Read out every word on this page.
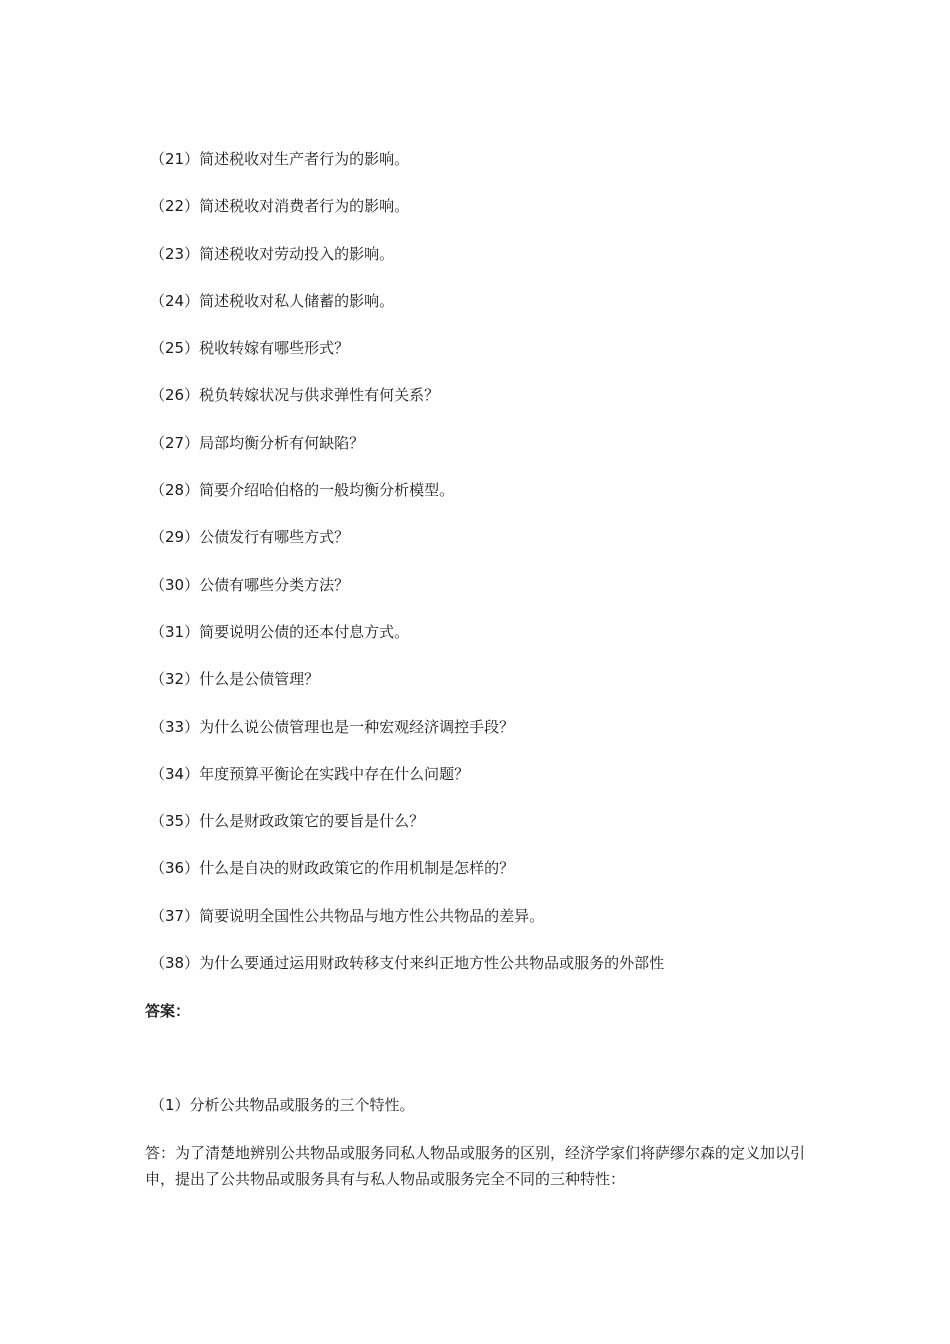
（21）简述税收对生产者行为的影响。
（22）简述税收对消费者行为的影响。
（23）简述税收对劳动投入的影响。
（24）简述税收对私人储蓄的影响。
（25）税收转嫁有哪些形式？
（26）税负转嫁状况与供求弹性有何关系？
（27）局部均衡分析有何缺陷？
（28）简要介绍哈伯格的一般均衡分析模型。
（29）公债发行有哪些方式？
（30）公债有哪些分类方法？
（31）简要说明公债的还本付息方式。
（32）什么是公债管理？
（33）为什么说公债管理也是一种宏观经济调控手段？
（34）年度预算平衡论在实践中存在什么问题？
（35）什么是财政政策它的要旨是什么？
（36）什么是自决的财政政策它的作用机制是怎样的？
（37）简要说明全国性公共物品与地方性公共物品的差异。
（38）为什么要通过运用财政转移支付来纠正地方性公共物品或服务的外部性
答案：
（1）分析公共物品或服务的三个特性。
答：为了清楚地辨别公共物品或服务同私人物品或服务的区别，经济学家们将萨缪尔森的定义加以引申，提出了公共物品或服务具有与私人物品或服务完全不同的三种特性：
